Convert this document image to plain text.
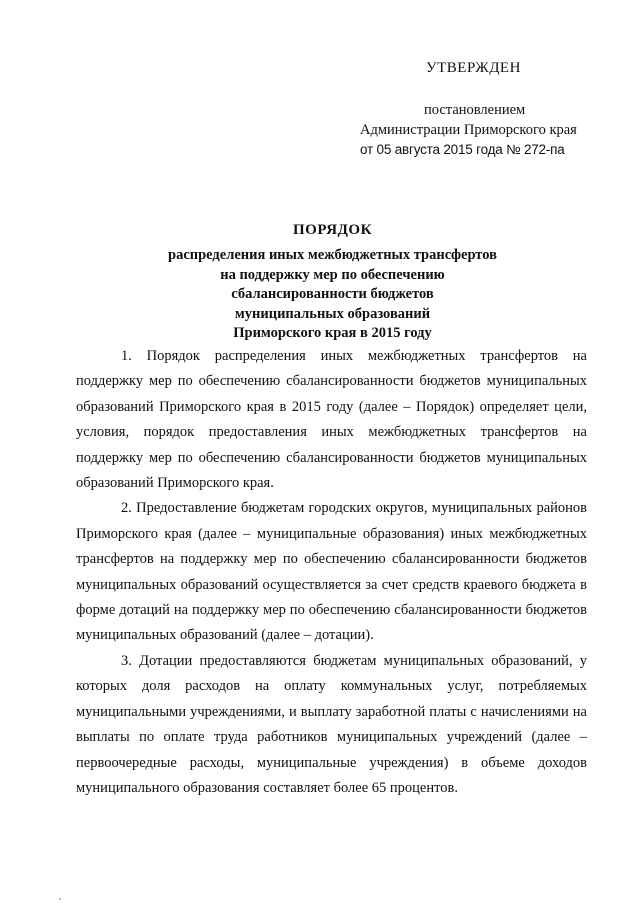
УТВЕРЖДЕН
постановлением
Администрации Приморского края
от 05 августа 2015 года № 272-па
ПОРЯДОК
распределения иных межбюджетных трансфертов
на поддержку мер по обеспечению
сбалансированности бюджетов
муниципальных образований
Приморского края в 2015 году

1. Порядок распределения иных межбюджетных трансфертов на поддержку мер по обеспечению сбалансированности бюджетов муниципальных образований Приморского края в 2015 году (далее – Порядок) определяет цели, условия, порядок предоставления иных межбюджетных трансфертов на поддержку мер по обеспечению сбалансированности бюджетов муниципальных образований Приморского края.

2. Предоставление бюджетам городских округов, муниципальных районов Приморского края (далее – муниципальные образования) иных межбюджетных трансфертов на поддержку мер по обеспечению сбалансированности бюджетов муниципальных образований осуществляется за счет средств краевого бюджета в форме дотаций на поддержку мер по обеспечению сбалансированности бюджетов муниципальных образований (далее – дотации).

3. Дотации предоставляются бюджетам муниципальных образований, у которых доля расходов на оплату коммунальных услуг, потребляемых муниципальными учреждениями, и выплату заработной платы с начислениями на выплаты по оплате труда работников муниципальных учреждений (далее – первоочередные расходы, муниципальные учреждения) в объеме доходов муниципального образования составляет более 65 процентов.
